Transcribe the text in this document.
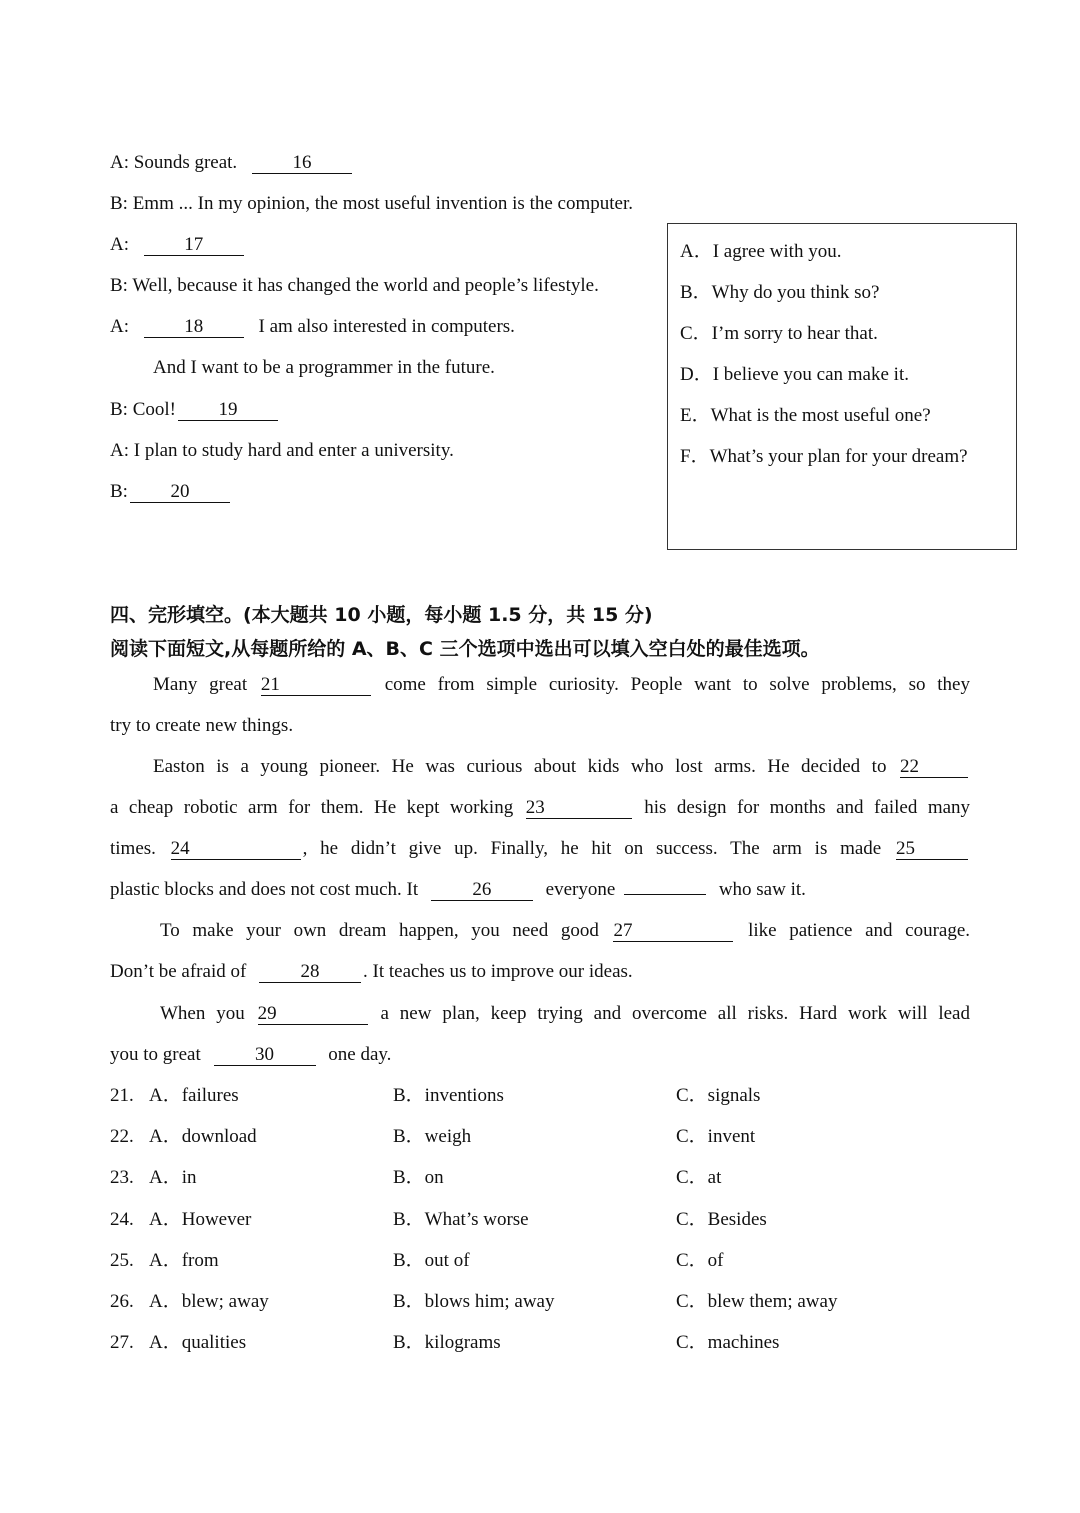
A: Sounds great.	16
B: Emm ... In my opinion, the most useful invention is the computer.
A:	17
B: Well, because it has changed the world and people’s lifestyle.
A:	18	I am also interested in computers.
And I want to be a programmer in the future.
B: Cool! 19
A: I plan to study hard and enter a university.
B: 20
A．I agree with you.
B．Why do you think so?
C．I’m sorry to hear that.
D．I believe you can make it.
E．What is the most useful one?
F．What’s your plan for your dream?
四、完形填空。(本大题共 10 小题，每小题 1.5 分，共 15 分)
阅读下面短文,从每题所给的 A、B、C 三个选项中选出可以填入空白处的最佳选项。
Many great 21	come from simple curiosity. People want to solve problems, so they
try to create new things.
Easton is a young pioneer. He was curious about kids who lost arms. He decided to 22
a cheap robotic arm for them. He kept working 23	his design for months and failed many
times. 24	, he didn’t give up. Finally, he hit on success. The arm is made 25
plastic blocks and does not cost much. It	26	everyone	who saw it.
To make your own dream happen, you need good 27	like patience and courage.
Don’t be afraid of	28 . It teaches us to improve our ideas.
When you 29	a new plan, keep trying and overcome all risks. Hard work will lead
you to great	30	one day.
21. A．failures	B．inventions	C．signals
22. A．download	B．weigh	C．invent
23. A．in	B．on	C．at
24. A．However	B．What’s worse	C．Besides
25. A．from	B．out of	C．of
26. A．blew; away	B．blows him; away	C．blew them; away
27. A．qualities	B．kilograms	C．machines
